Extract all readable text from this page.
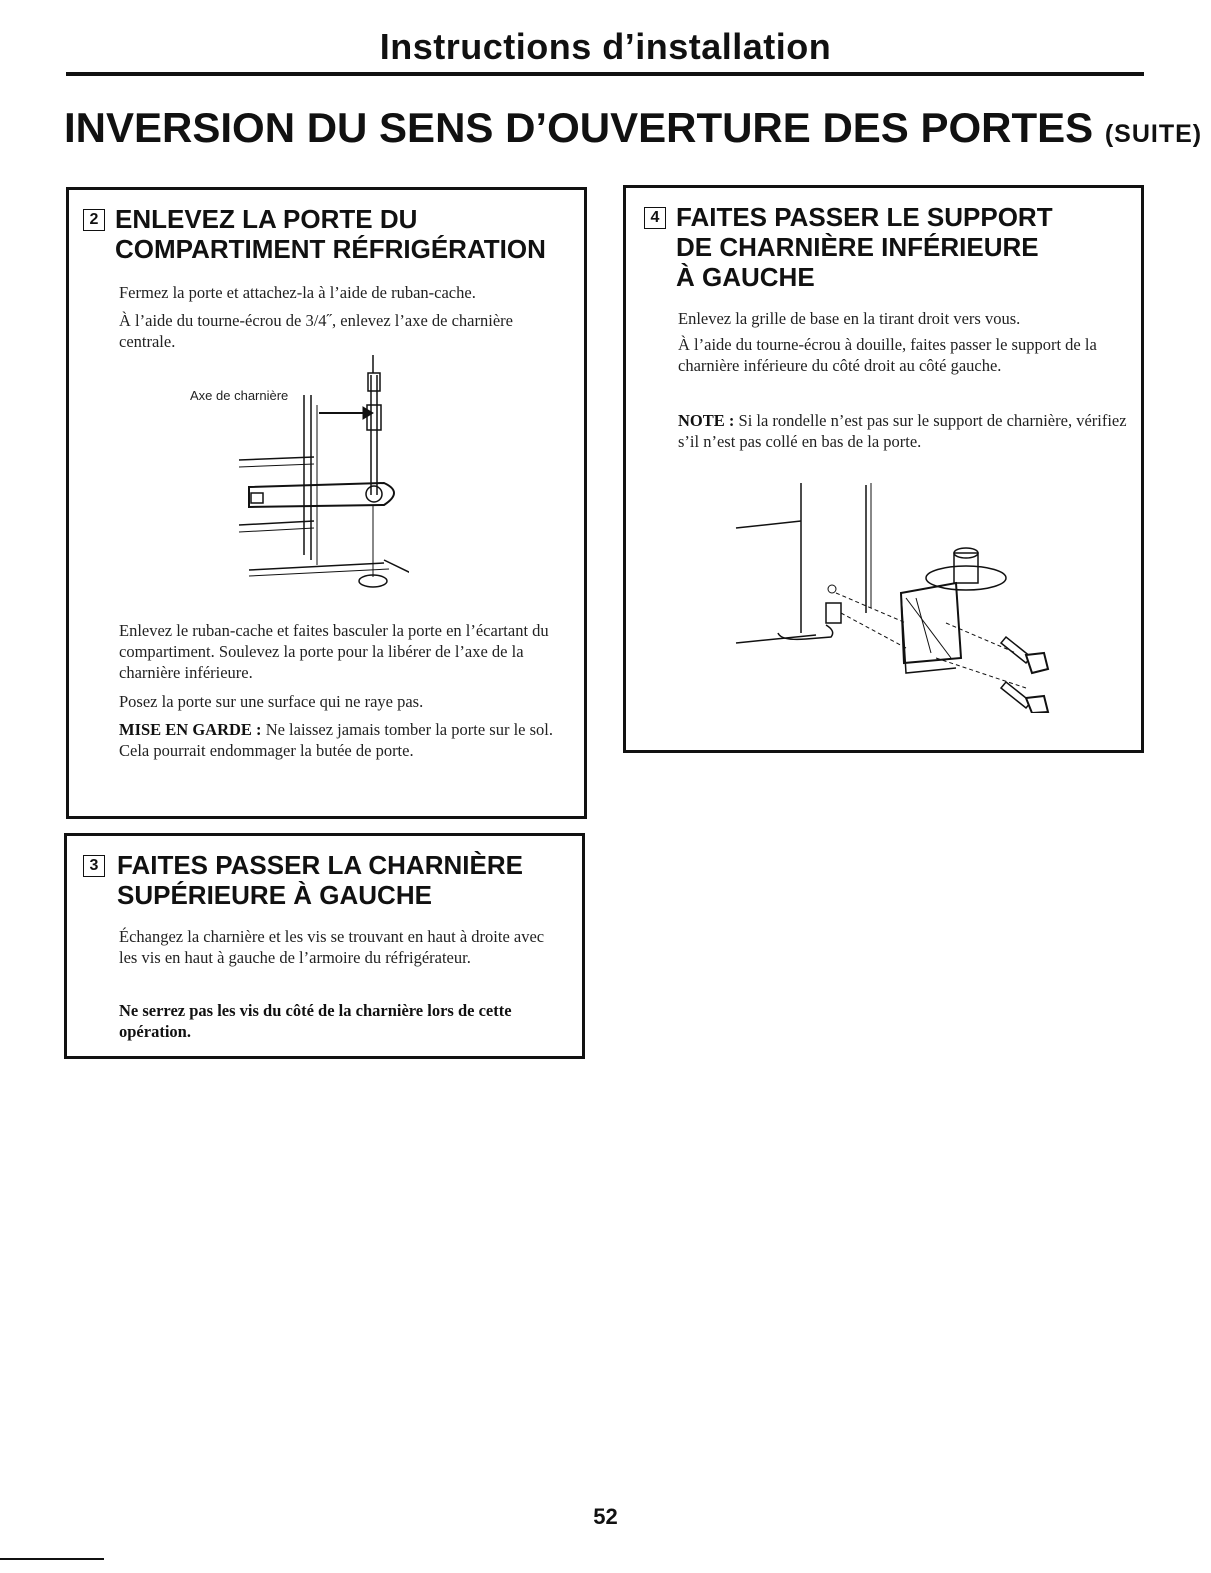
Instructions d’installation
INVERSION DU SENS D’OUVERTURE DES PORTES (SUITE)
2 ENLEVEZ LA PORTE DU
COMPARTIMENT RÉFRIGÉRATION
Fermez la porte et attachez-la à l’aide de ruban-cache.
À l’aide du tourne-écrou de 3/4˝, enlevez l’axe de charnière centrale.
Axe de charnière
Enlevez le ruban-cache et faites basculer la porte en l’écartant du compartiment. Soulevez la porte pour la libérer de l’axe de la charnière inférieure.
Posez la porte sur une surface qui ne raye pas.
MISE EN GARDE : Ne laissez jamais tomber la porte sur le sol. Cela pourrait endommager la butée de porte.
3 FAITES PASSER LA CHARNIÈRE
SUPÉRIEURE À GAUCHE
Échangez la charnière et les vis se trouvant en haut à droite avec les vis en haut à gauche de l’armoire du réfrigérateur.
Ne serrez pas les vis du côté de la charnière lors de cette opération.
4 FAITES PASSER LE SUPPORT
DE CHARNIÈRE INFÉRIEURE
À GAUCHE
Enlevez la grille de base en la tirant droit vers vous.
À l’aide du tourne-écrou à douille, faites passer le support de la charnière inférieure du côté droit au côté gauche.
NOTE : Si la rondelle n’est pas sur le support de charnière, vérifiez s’il n’est pas collé en bas de la porte.
52
